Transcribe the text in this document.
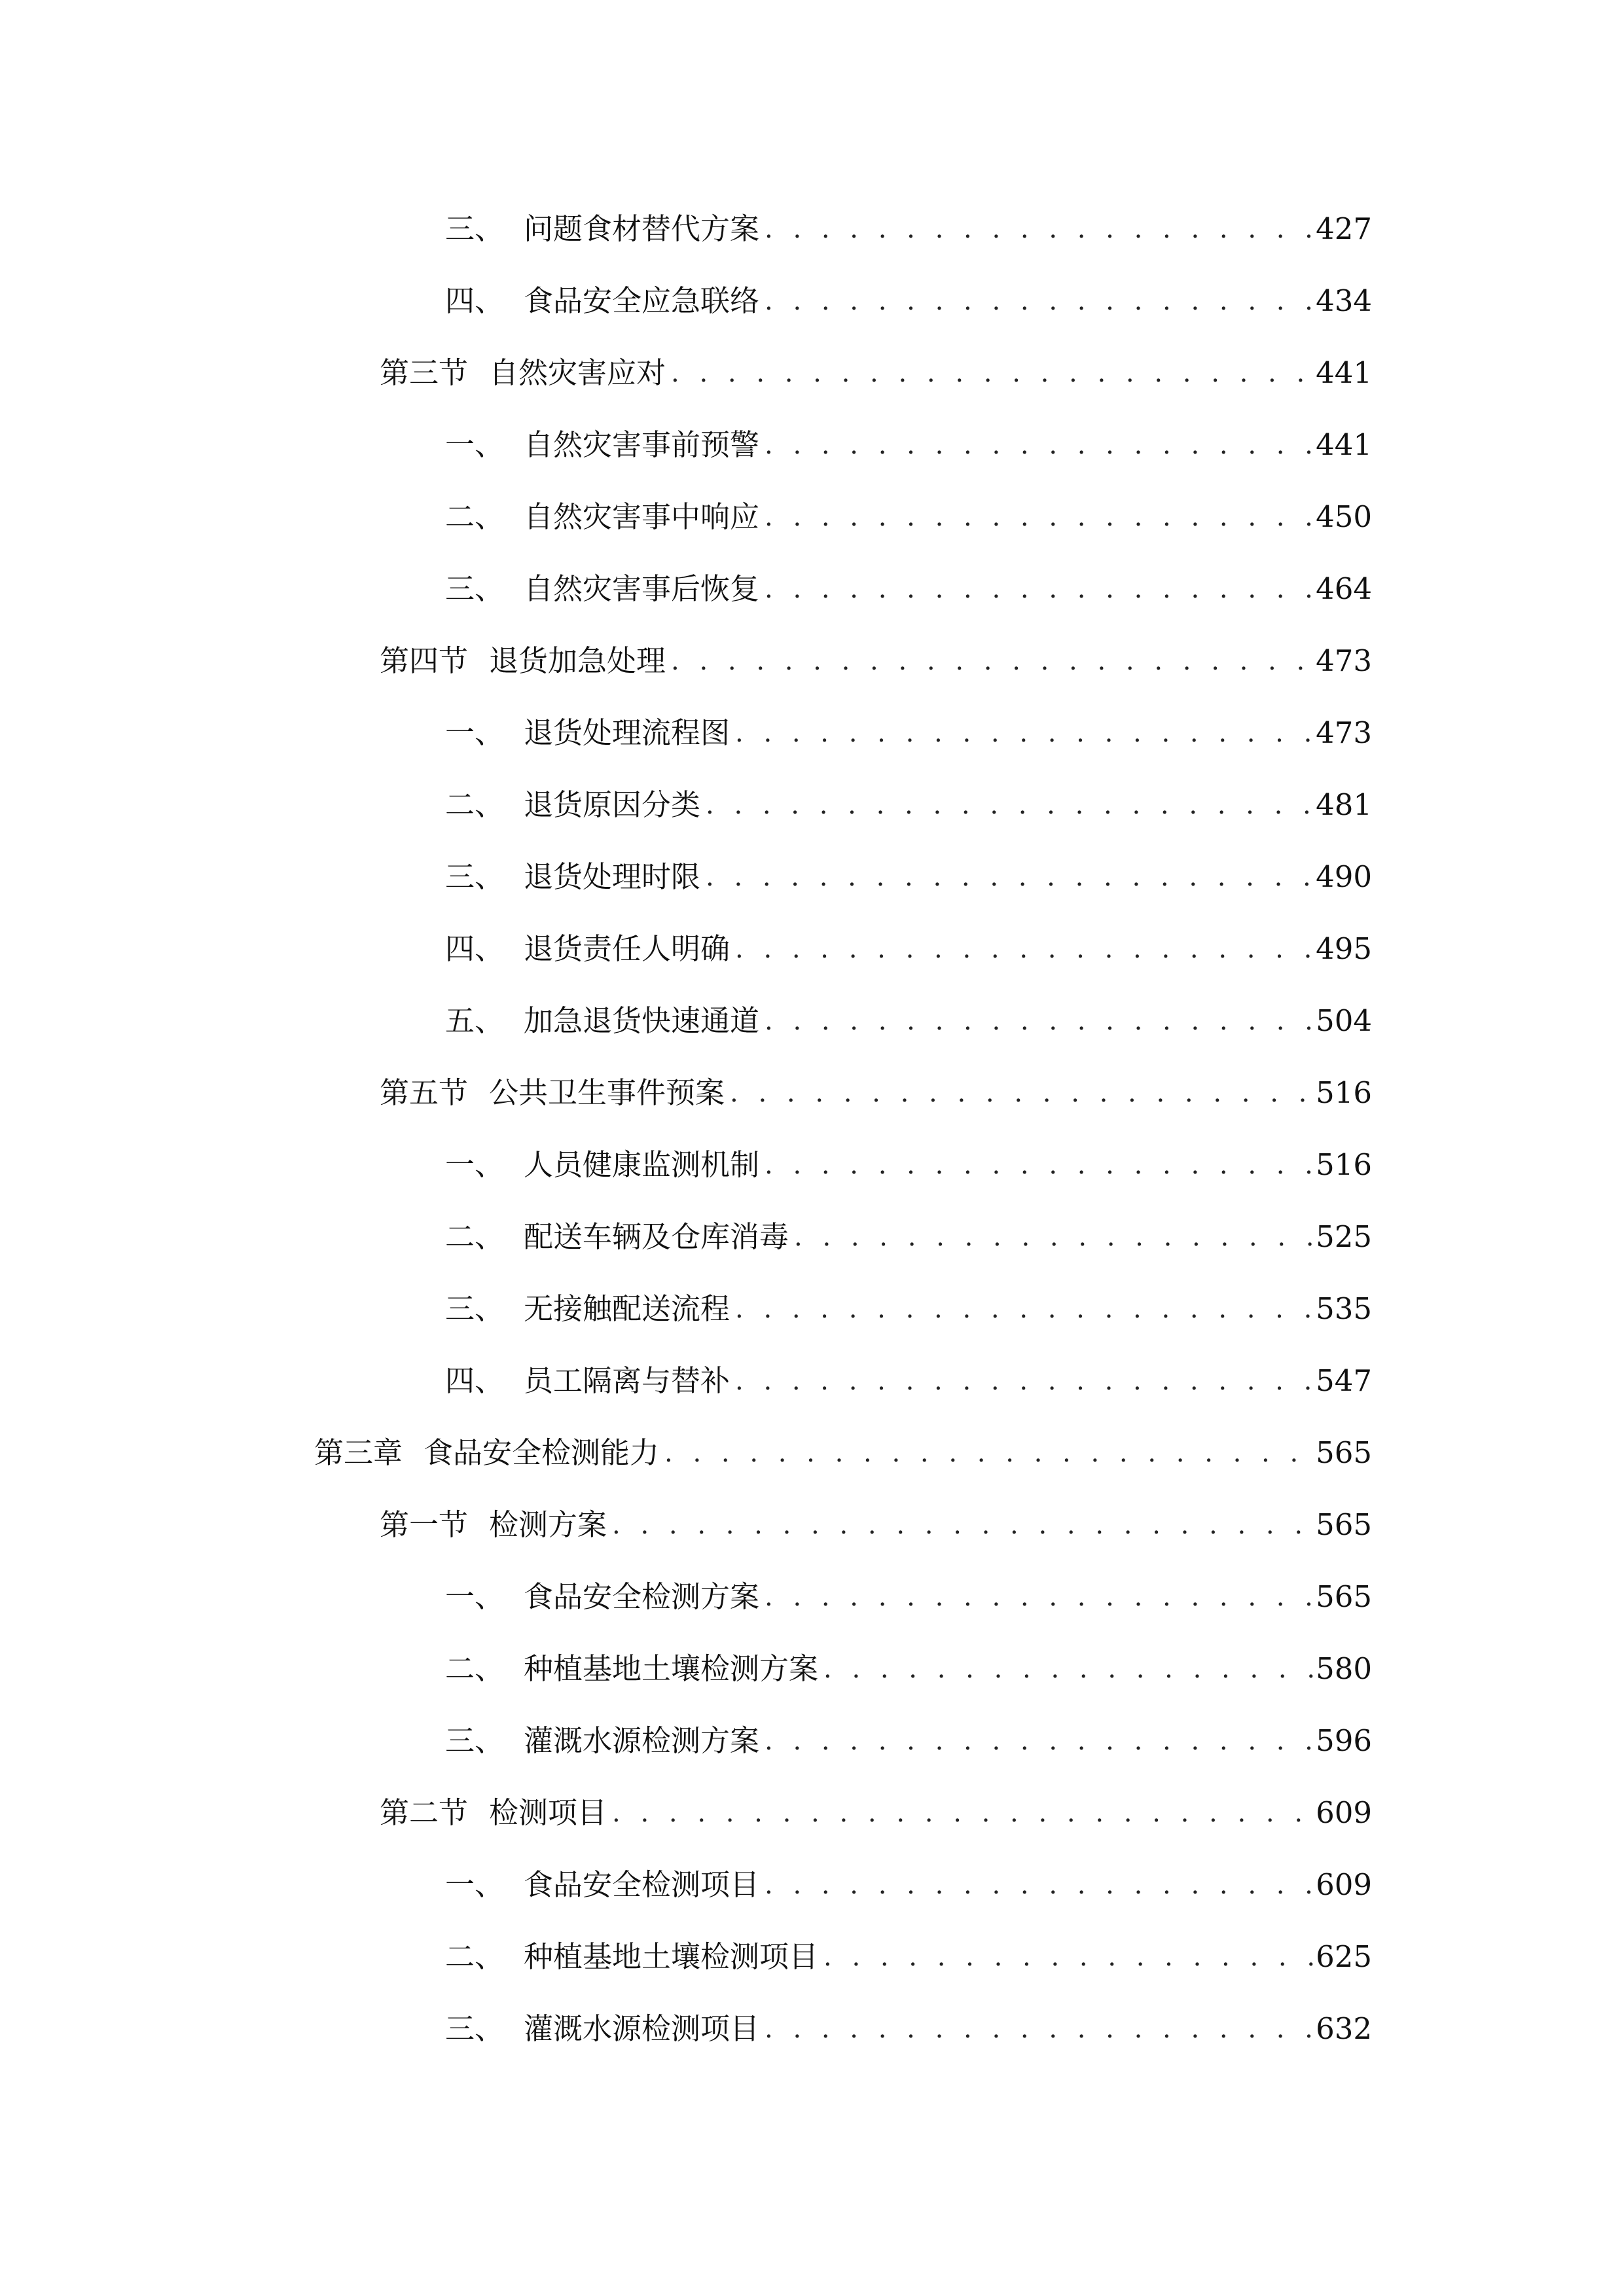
三、 问题食材替代方案 . . .	427
四、 食品安全应急联络 . . .	434
第三节 自然灾害应对 . . .	441
一、 自然灾害事前预警 . . .	441
二、 自然灾害事中响应 . . .	450
三、 自然灾害事后恢复 . . .	464
第四节 退货加急处理 . . .	473
一、 退货处理流程图 . . .	473
二、 退货原因分类 . . .	481
三、 退货处理时限 . . .	490
四、 退货责任人明确 . . .	495
五、 加急退货快速通道 . . .	504
第五节 公共卫生事件预案 . . .	516
一、 人员健康监测机制 . . .	516
二、 配送车辆及仓库消毒 . . .	525
三、 无接触配送流程 . . .	535
四、 员工隔离与替补 . . .	547
第三章 食品安全检测能力 . . .	565
第一节 检测方案 . . .	565
一、 食品安全检测方案 . . .	565
二、 种植基地土壤检测方案 . . .	580
三、 灌溉水源检测方案 . . .	596
第二节 检测项目 . . .	609
一、 食品安全检测项目 . . .	609
二、 种植基地土壤检测项目 . . .	625
三、 灌溉水源检测项目 . . .	632
